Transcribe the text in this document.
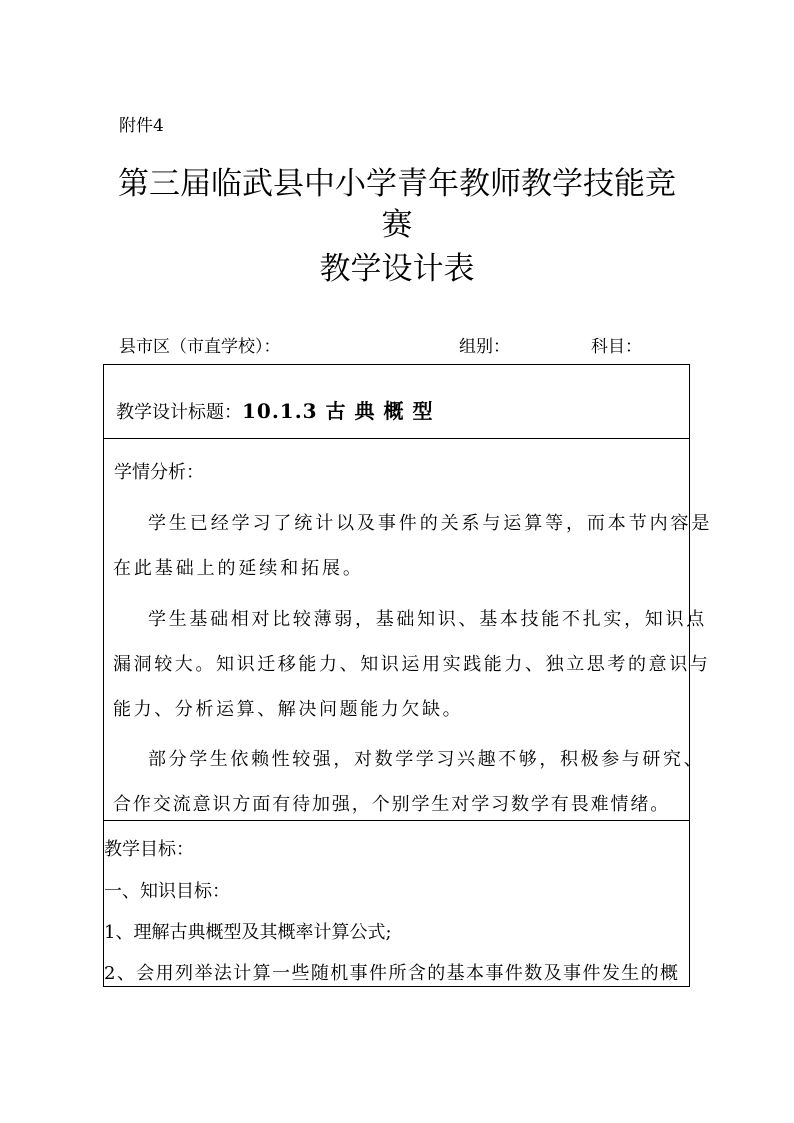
附件4
第三届临武县中小学青年教师教学技能竞
赛
教学设计表
县市区（市直学校）：	组别：	科目：
教学设计标题：10.1.3 古 典 概 型
学情分析：
教学目标：
一、知识目标：
1、理解古典概型及其概率计算公式;
2、会用列举法计算一些随机事件所含的基本事件数及事件发生的概
学生已经学习了统计以及事件的关系与运算等，而本节内容是
在此基础上的延续和拓展。
学生基础相对比较薄弱，基础知识、基本技能不扎实，知识点
漏洞较大。知识迁移能力、知识运用实践能力、独立思考的意识与
能力、分析运算、解决问题能力欠缺。
部分学生依赖性较强，对数学学习兴趣不够，积极参与研究、
合作交流意识方面有待加强，个别学生对学习数学有畏难情绪。
